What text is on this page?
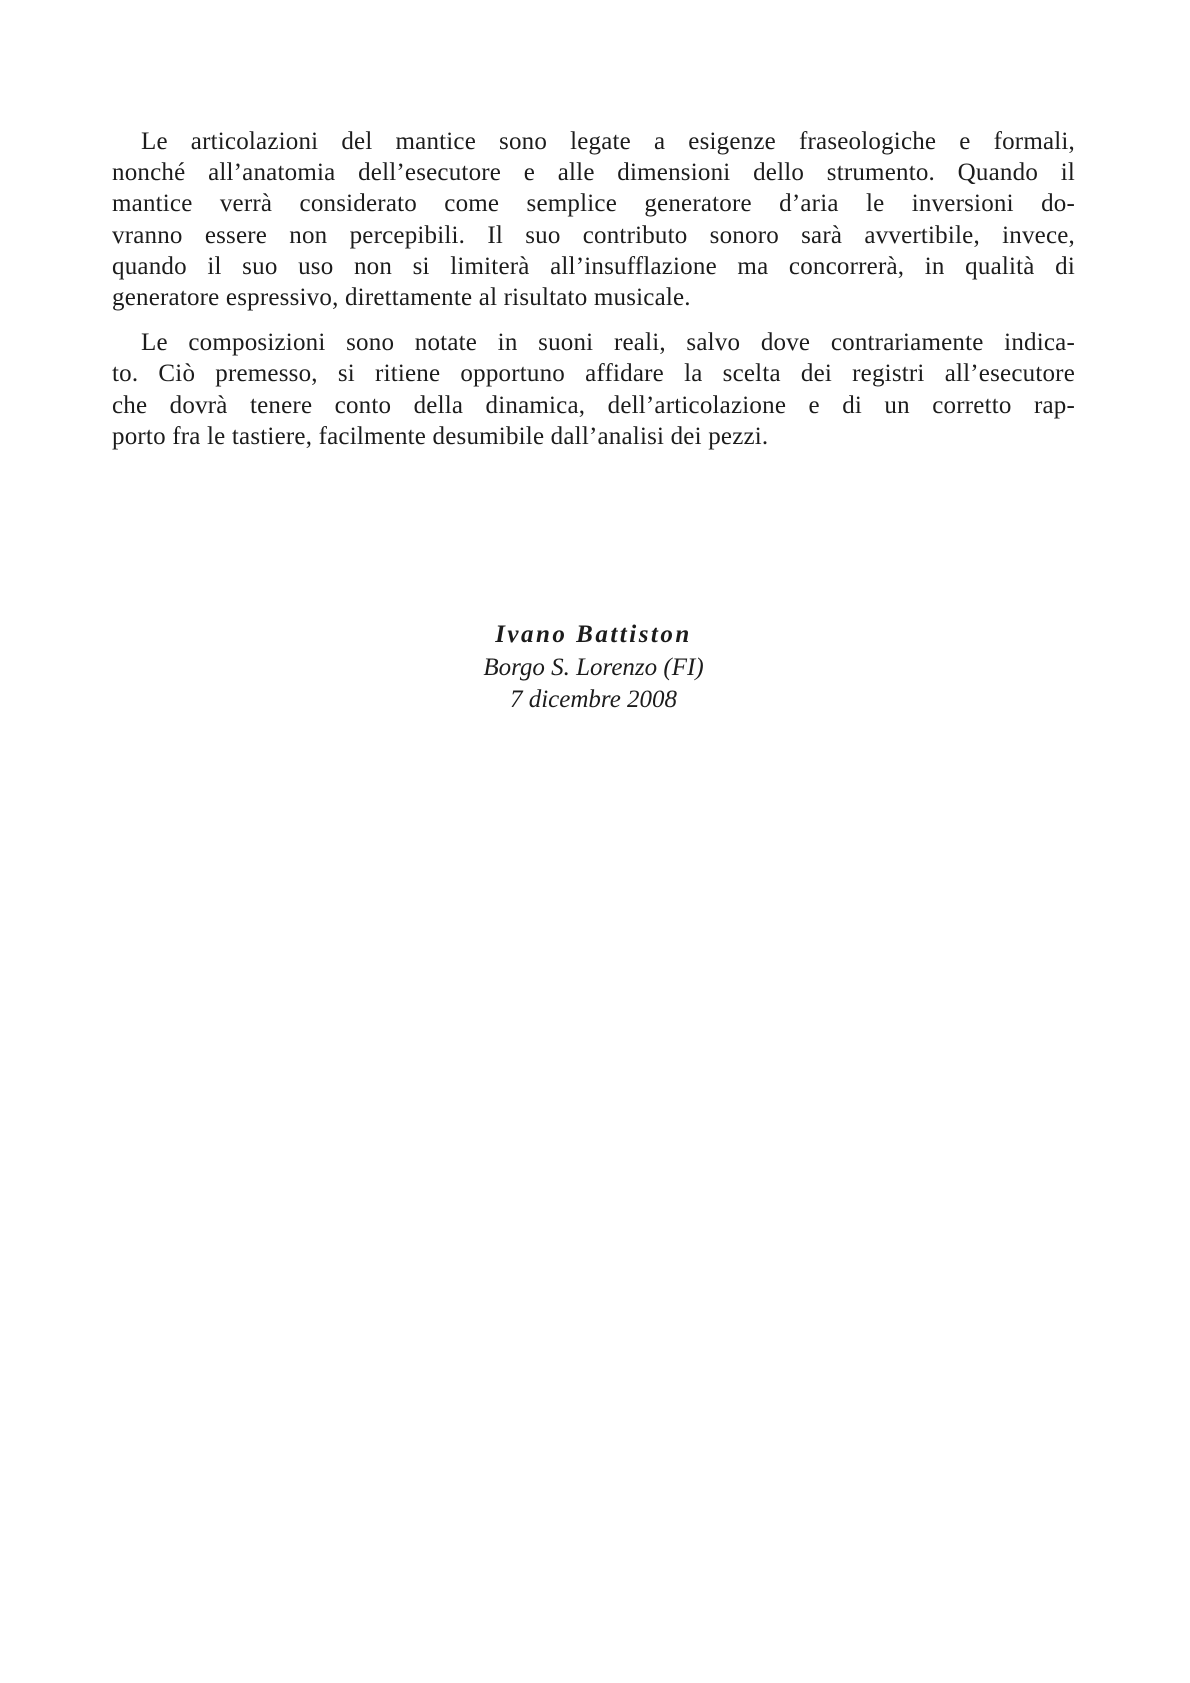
Le articolazioni del mantice sono legate a esigenze fraseologiche e formali,
nonché all’anatomia dell’esecutore e alle dimensioni dello strumento. Quando il
mantice verrà considerato come semplice generatore d’aria le inversioni do-
vranno essere non percepibili. Il suo contributo sonoro sarà avvertibile, invece,
quando il suo uso non si limiterà all’insufflazione ma concorrerà, in qualità di
generatore espressivo, direttamente al risultato musicale.
Le composizioni sono notate in suoni reali, salvo dove contrariamente indica-
to. Ciò premesso, si ritiene opportuno affidare la scelta dei registri all’esecutore
che dovrà tenere conto della dinamica, dell’articolazione e di un corretto rap-
porto fra le tastiere, facilmente desumibile dall’analisi dei pezzi.
Ivano Battiston
Borgo S. Lorenzo (FI)
7 dicembre 2008
